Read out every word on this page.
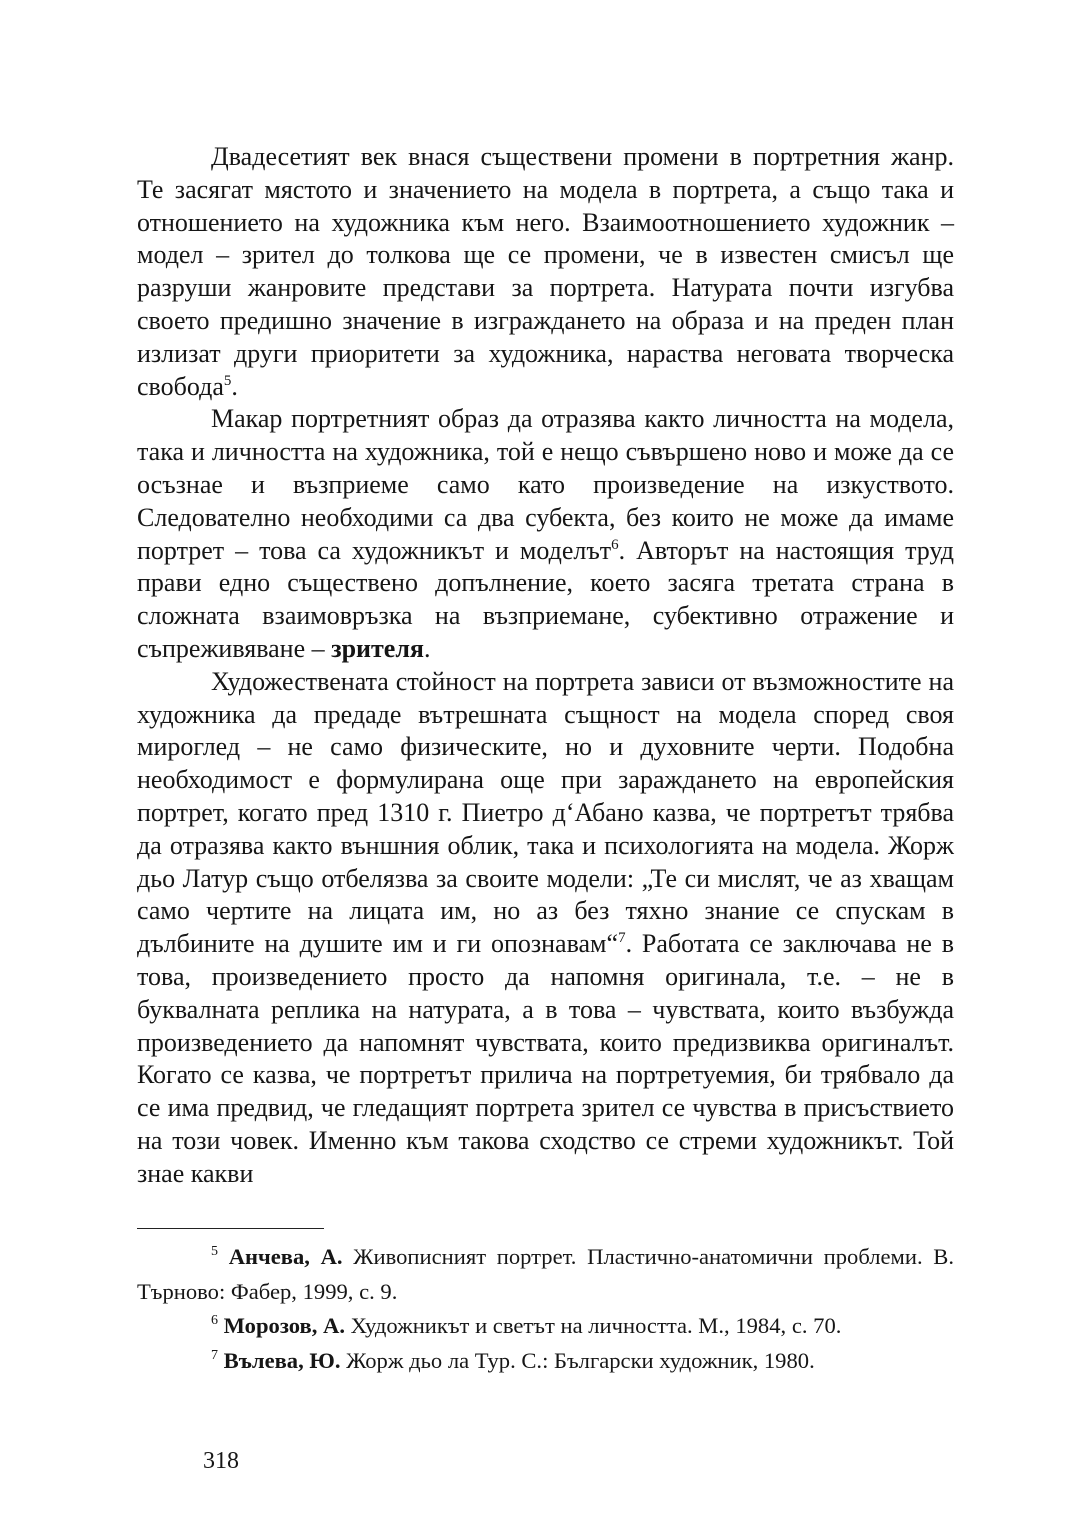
Двадесетият век внася съществени промени в портретния жанр. Те засягат мястото и значението на модела в портрета, а също така и отношението на художника към него. Взаимоотношението художник – модел – зрител до толкова ще се промени, че в известен смисъл ще разруши жанровите представи за портрета. Натурата почти изгубва своето предишно значение в изграждането на образа и на преден план излизат други приоритети за художника, нараства неговата творческа свобода$^5$.

Макар портретният образ да отразява както личността на модела, така и личността на художника, той е нещо съвършено ново и може да се осъзнае и възприеме само като произведение на изкуството. Следователно необходими са два субекта, без които не може да имаме портрет – това са художникът и моделът$^6$. Авторът на настоящия труд прави едно съществено допълнение, което засяга третата страна в сложната взаимовръзка на възприемане, субективно отражение и съпреживяване – зрителя.

Художествената стойност на портрета зависи от възможностите на художника да предаде вътрешната същност на модела според своя мироглед – не само физическите, но и духовните черти. Подобна необходимост е формулирана още при зараждането на европейския портрет, когато пред 1310 г. Пиетро д‘Абано казва, че портретът трябва да отразява както външния облик, така и психологията на модела. Жорж дьо Латур също отбелязва за своите модели: „Те си мислят, че аз хващам само чертите на лицата им, но аз без тяхно знание се спускам в дълбините на душите им и ги опознавам“$^7$. Работата се заключава не в това, произведението просто да напомня оригинала, т.е. – не в буквалната реплика на натурата, а в това – чувствата, които възбужда произведението да напомнят чувствата, които предизвиква оригиналът. Когато се казва, че портретът прилича на портретуемия, би трябвало да се има предвид, че гледащият портрета зрител се чувства в присъствието на този човек. Именно към такова сходство се стреми художникът. Той знае какви

$^5$ Анчева, А. Живописният портрет. Пластично-анатомични проблеми. В. Търново: Фабер, 1999, с. 9.

$^6$ Морозов, А. Художникът и светът на личността. М., 1984, с. 70.

$^7$ Вълева, Ю. Жорж дьо ла Тур. С.: Български художник, 1980.

318
